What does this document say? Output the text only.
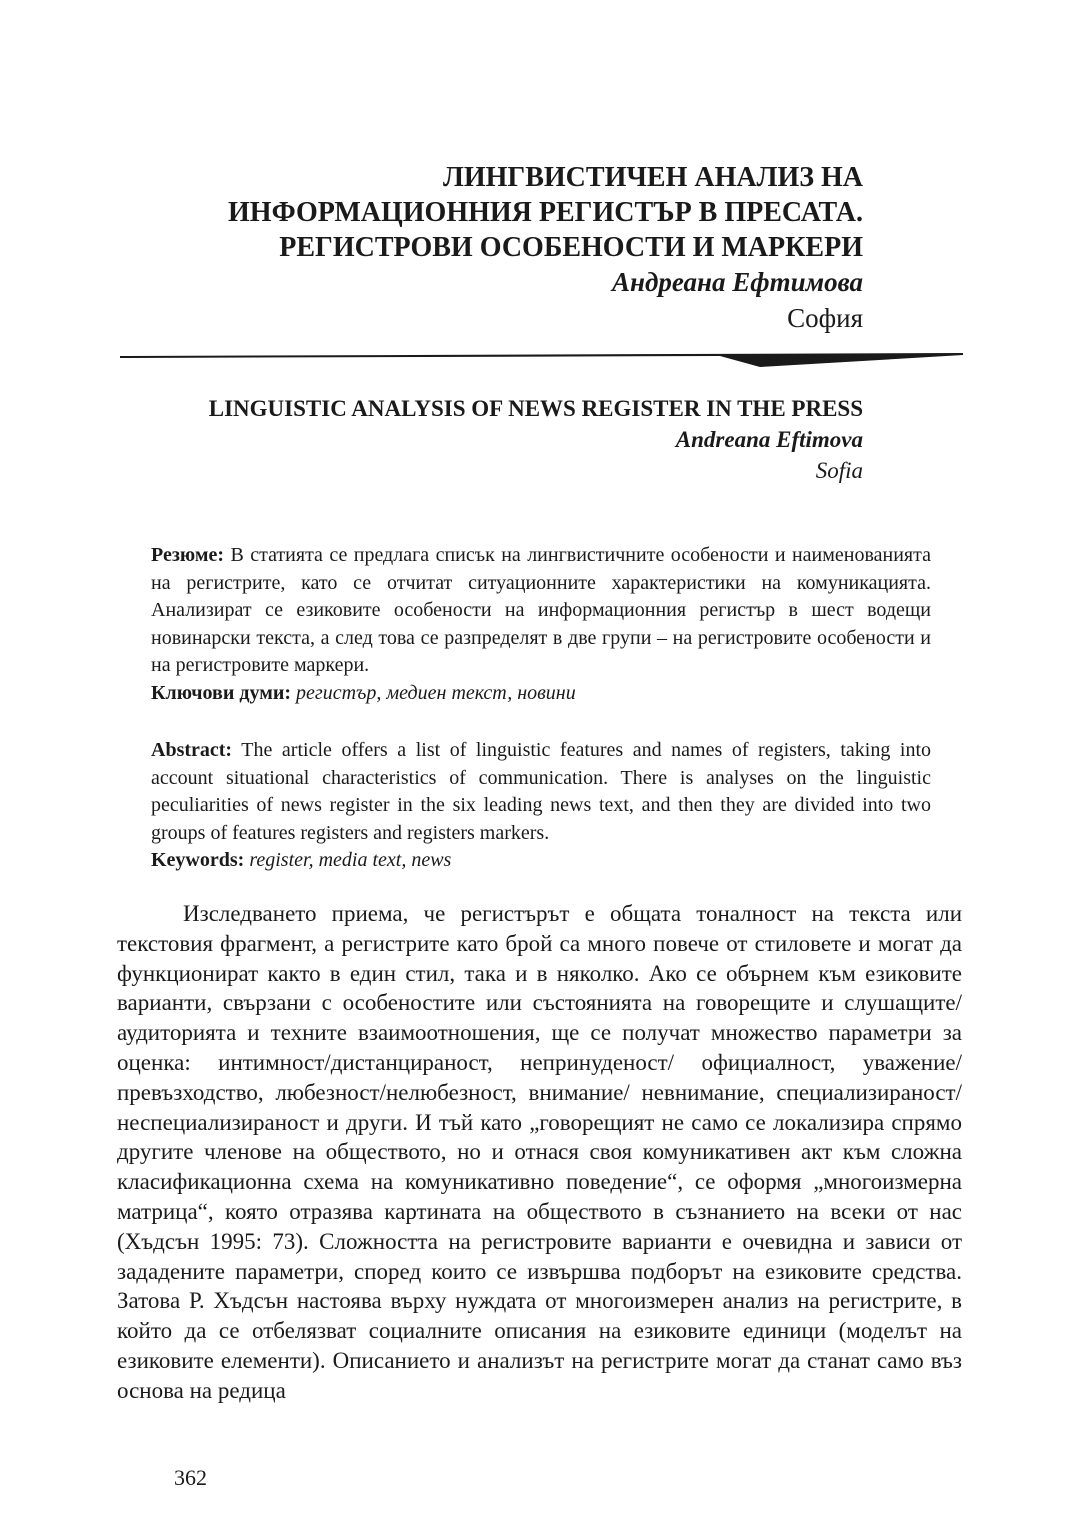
ЛИНГВИСТИЧЕН АНАЛИЗ НА
ИНФОРМАЦИОННИЯ РЕГИСТЪР В ПРЕСАТА.
РЕГИСТРОВИ ОСОБЕНОСТИ И МАРКЕРИ
Андреана Ефтимова
София
LINGUISTIC ANALYSIS OF NEWS REGISTER IN THE PRESS
Andreana Eftimova
Sofia

Резюме: В статията се предлага списък на лингвистичните особености и наименованията на регистрите, като се отчитат ситуационните характеристики на комуникацията. Анализират се езиковите особености на информационния регистър в шест водещи новинарски текста, а след това се разпределят в две групи – на регистровите особености и на регистровите маркери.

Ключови думи: регистър, медиен текст, новини

Abstract: The article offers a list of linguistic features and names of registers, taking into account situational characteristics of communication. There is analyses on the linguistic peculiarities of news register in the six leading news text, and then they are divided into two groups of features registers and registers markers.

Keywords: register, media text, news

Изследването приема, че регистърът е общата тоналност на текста или текстовия фрагмент, а регистрите като брой са много повече от стиловете и могат да функционират както в един стил, така и в няколко. Ако се обърнем към езиковите варианти, свързани с особеностите или състоянията на говорещите и слушащите/аудиторията и техните взаимоотношения, ще се получат множество параметри за оценка: интимност/дистанцираност, непринуденост/ официалност, уважение/превъзходство, любезност/нелюбезност, внимание/ невнимание, специализираност/неспециализираност и други. И тъй като „говорещият не само се локализира спрямо другите членове на обществото, но и отнася своя комуникативен акт към сложна класификационна схема на комуникативно поведение“, се оформя „многоизмерна матрица“, която отразява картината на обществото в съзнанието на всеки от нас (Хъдсън 1995: 73). Сложността на регистровите варианти е очевидна и зависи от зададените параметри, според които се извършва подборът на езиковите средства. Затова Р. Хъдсън настоява върху нуждата от многоизмерен анализ на регистрите, в който да се отбелязват социалните описания на езиковите единици (моделът на езиковите елементи). Описанието и анализът на регистрите могат да станат само въз основа на редица

362
